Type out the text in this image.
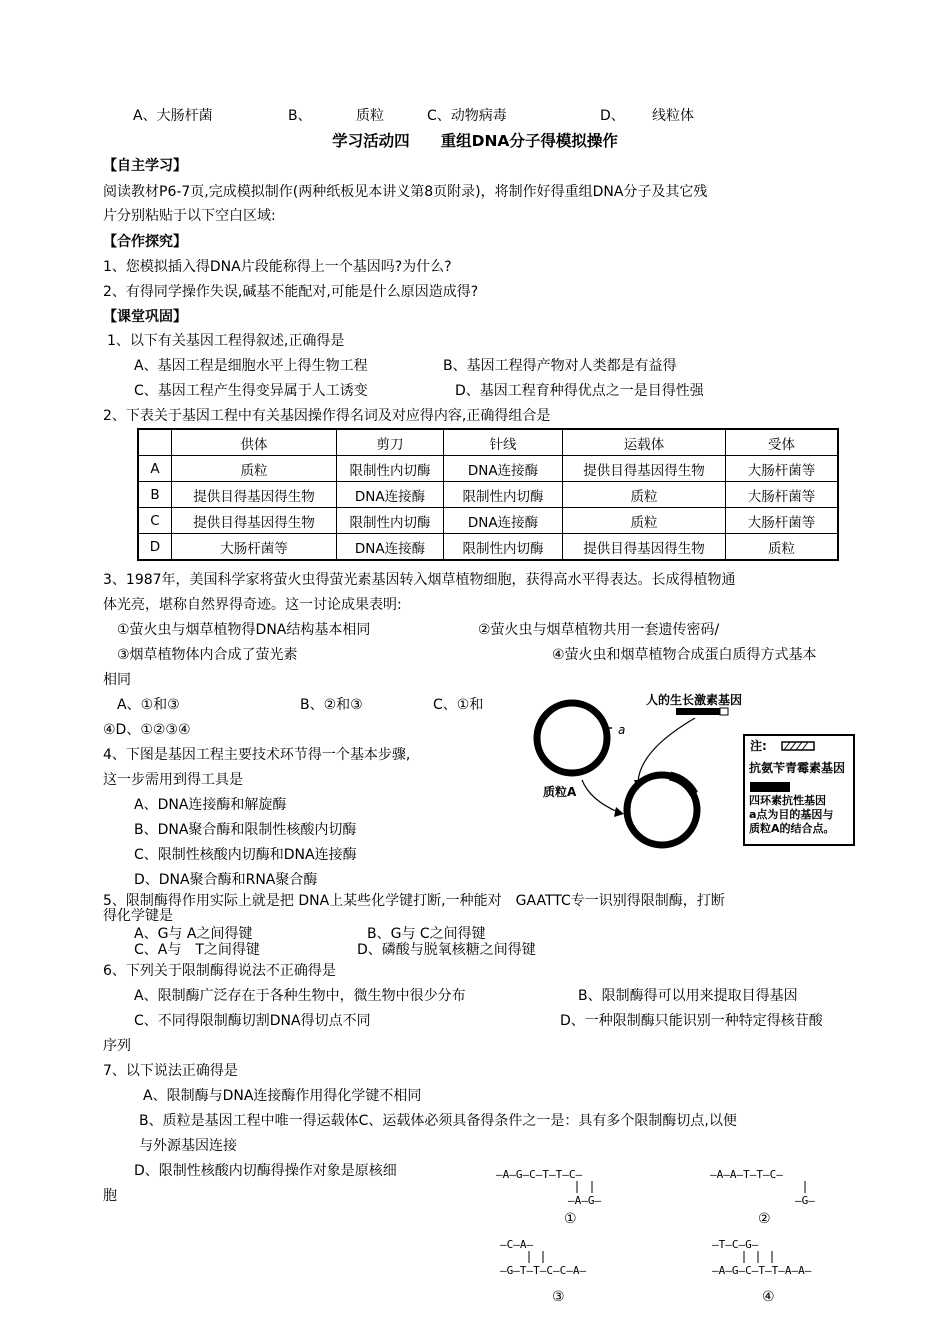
A、大肠杆菌	B、	质粒	C、动物病毒	D、 线粒体
学习活动四　　重组DNA分子得模拟操作
【自主学习】
阅读教材P6-7页,完成模拟制作(两种纸板见本讲义第8页附录)，将制作好得重组DNA分子及其它残
片分别粘贴于以下空白区域:
【合作探究】
1、您模拟插入得DNA片段能称得上一个基因吗?为什么?
2、有得同学操作失误,碱基不能配对,可能是什么原因造成得?
【课堂巩固】
1、以下有关基因工程得叙述,正确得是
A、基因工程是细胞水平上得生物工程	B、基因工程得产物对人类都是有益得
C、基因工程产生得变异属于人工诱变	D、基因工程育种得优点之一是目得性强
2、下表关于基因工程中有关基因操作得名词及对应得内容,正确得组合是
	供体	剪刀	针线	运载体	受体
A	质粒	限制性内切酶	DNA连接酶	提供目得基因得生物	大肠杆菌等
B	提供目得基因得生物	DNA连接酶	限制性内切酶	质粒	大肠杆菌等
C	提供目得基因得生物	限制性内切酶	DNA连接酶	质粒	大肠杆菌等
D	大肠杆菌等	DNA连接酶	限制性内切酶	提供目得基因得生物	质粒
3、1987年，美国科学家将萤火虫得萤光素基因转入烟草植物细胞，获得高水平得表达。长成得植物通
体光亮，堪称自然界得奇迹。这一讨论成果表明:
①萤火虫与烟草植物得DNA结构基本相同	②萤火虫与烟草植物共用一套遗传密码/
③烟草植物体内合成了萤光素	④萤火虫和烟草植物合成蛋白质得方式基本
相同
A、①和③	B、②和③	C、①和
④D、①②③④
4、下图是基因工程主要技术环节得一个基本步骤,
这一步需用到得工具是
A、DNA连接酶和解旋酶
B、DNA聚合酶和限制性核酸内切酶
C、限制性核酸内切酶和DNA连接酶
D、DNA聚合酶和RNA聚合酶
人的生长激素基因
质粒A
a
注:
抗氨苄青霉素基因
四环素抗性基因
a点为目的基因与
质粒A的结合点。
5、限制酶得作用实际上就是把 DNA上某些化学键打断,一种能对　GAATTC专一识别得限制酶，打断
得化学键是
A、G与 A之间得键	B、G与 C之间得键
C、A与　T之间得键	D、磷酸与脱氧核糖之间得键
6、下列关于限制酶得说法不正确得是
A、限制酶广泛存在于各种生物中，微生物中很少分布	B、限制酶得可以用来提取目得基因
C、不同得限制酶切割DNA得切点不同	D、一种限制酶只能识别一种特定得核苷酸
序列
7、以下说法正确得是
A、限制酶与DNA连接酶作用得化学键不相同
B、质粒是基因工程中唯一得运载体C、运载体必须具备得条件之一是：具有多个限制酶切点,以便
与外源基因连接
D、限制性核酸内切酶得操作对象是原核细
胞
—A—G—C—T—T—C—
—A—G—
①
—A—A—T—T—C—
—G—
②
—C—A—
—G—T—T—C—C—A—
③
—T—C—G—
—A—G—C—T—T—A—A—
④
